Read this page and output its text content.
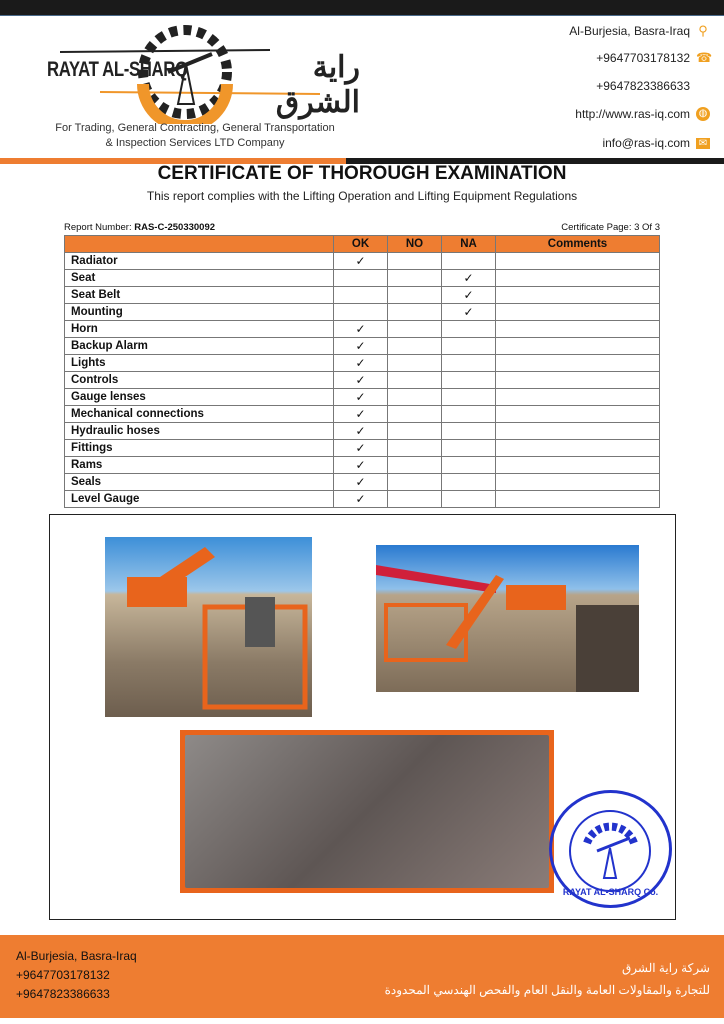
RAYAT AL-SHARQ	راية الشرق
For Trading, General Contracting, General Transportation
& Inspection Services LTD Company
Al-Burjesia, Basra-Iraq ⚲
+9647703178132 ☎
+9647823386633
http://www.ras-iq.com ◍
info@ras-iq.com ✉
CERTIFICATE OF THOROUGH EXAMINATION
This report complies with the Lifting Operation and Lifting Equipment Regulations
Report Number: RAS-C-250330092	Certificate Page: 3 Of 3
	OK	NO	NA	Comments
Radiator	✓			
Seat			✓	
Seat Belt			✓	
Mounting			✓	
Horn	✓			
Backup Alarm	✓			
Lights	✓			
Controls	✓			
Gauge lenses	✓			
Mechanical connections	✓			
Hydraulic hoses	✓			
Fittings	✓			
Rams	✓			
Seals	✓			
Level Gauge	✓			
RAYAT AL-SHARQ Co.
Al-Burjesia, Basra-Iraq
+9647703178132
+9647823386633
شركة راية الشرق
للتجارة والمقاولات العامة والنقل العام والفحص الهندسي المحدودة
